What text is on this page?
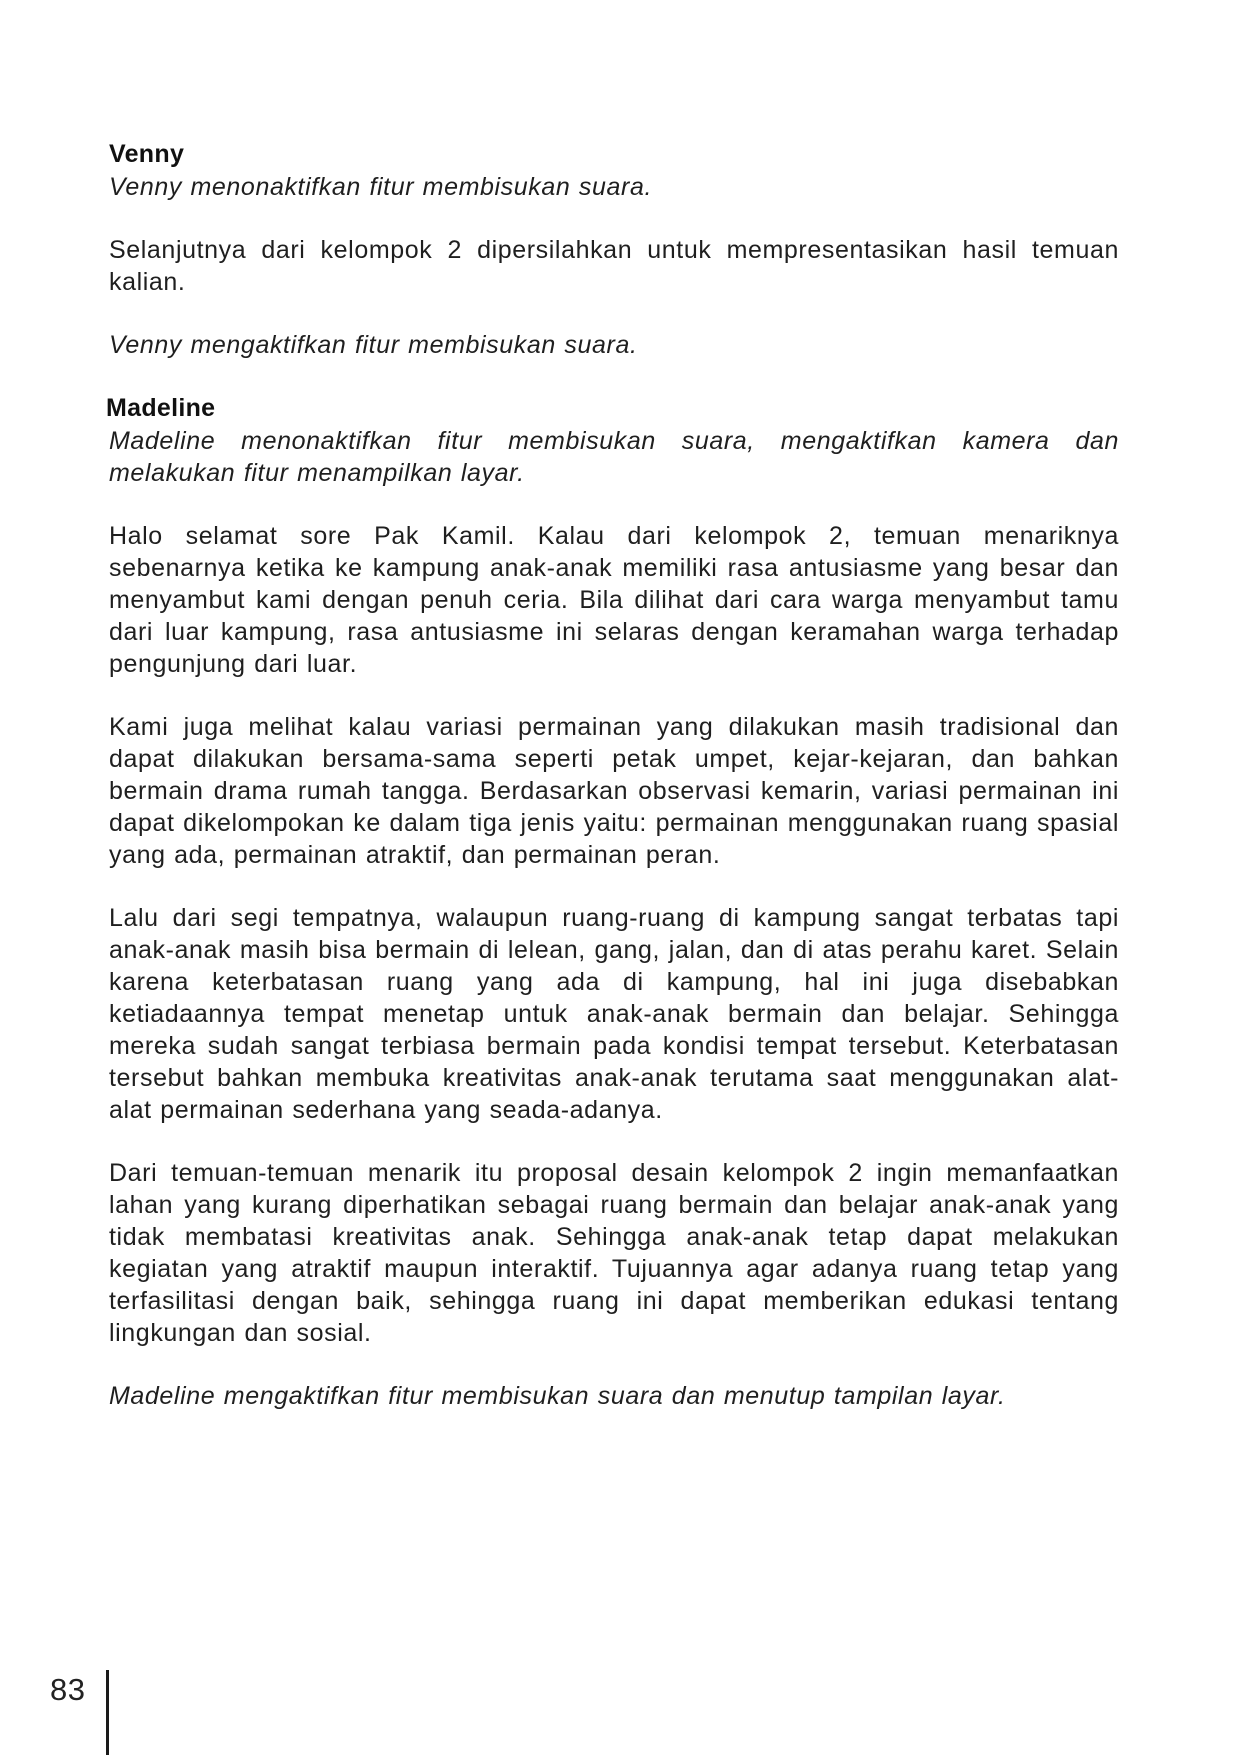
Venny

Venny menonaktifkan fitur membisukan suara.

Selanjutnya dari kelompok 2 dipersilahkan untuk mempresentasikan hasil temuan kalian.

Venny mengaktifkan fitur membisukan suara.

Madeline

Madeline menonaktifkan fitur membisukan suara, mengaktifkan kamera dan melakukan fitur menampilkan layar.

Halo selamat sore Pak Kamil. Kalau dari kelompok 2, temuan menariknya sebenarnya ketika ke kampung anak-anak memiliki rasa antusiasme yang besar dan menyambut kami dengan penuh ceria. Bila dilihat dari cara warga menyambut tamu dari luar kampung, rasa antusiasme ini selaras dengan keramahan warga terhadap pengunjung dari luar.

Kami juga melihat kalau variasi permainan yang dilakukan masih tradisional dan dapat dilakukan bersama-sama seperti petak umpet, kejar-kejaran, dan bahkan bermain drama rumah tangga. Berdasarkan observasi kemarin, variasi permainan ini dapat dikelompokan ke dalam tiga jenis yaitu: permainan menggunakan ruang spasial yang ada, permainan atraktif, dan permainan peran.

Lalu dari segi tempatnya, walaupun ruang-ruang di kampung sangat terbatas tapi anak-anak masih bisa bermain di lelean, gang, jalan, dan di atas perahu karet. Selain karena keterbatasan ruang yang ada di kampung, hal ini juga disebabkan ketiadaannya tempat menetap untuk anak-anak bermain dan belajar. Sehingga mereka sudah sangat terbiasa bermain pada kondisi tempat tersebut. Keterbatasan tersebut bahkan membuka kreativitas anak-anak terutama saat menggunakan alat-alat permainan sederhana yang seada-adanya.

Dari temuan-temuan menarik itu proposal desain kelompok 2 ingin memanfaatkan lahan yang kurang diperhatikan sebagai ruang bermain dan belajar anak-anak yang tidak membatasi kreativitas anak. Sehingga anak-anak tetap dapat melakukan kegiatan yang atraktif maupun interaktif. Tujuannya agar adanya ruang tetap yang terfasilitasi dengan baik, sehingga ruang ini dapat memberikan edukasi tentang lingkungan dan sosial.

Madeline mengaktifkan fitur membisukan suara dan menutup tampilan layar.

83
